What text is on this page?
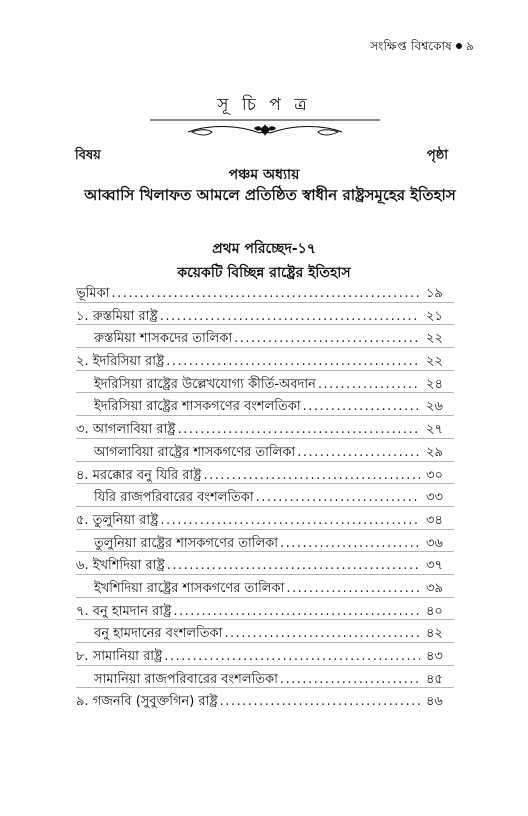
সংক্ষিপ্ত বিশ্বকোষ ৯
সূ চি প ত্র
বিষয়	পৃষ্ঠা
পঞ্চম অধ্যায়
আব্বাসি খিলাফত আমলে প্রতিষ্ঠিত স্বাধীন রাষ্ট্রসমূহের ইতিহাস
প্রথম পরিচ্ছেদ-১৭
কয়েকটি বিচ্ছিন্ন রাষ্ট্রের ইতিহাস
ভূমিকা .....	১৯
১. রুস্তমিয়া রাষ্ট্র .....	২১
রুস্তমিয়া শাসকদের তালিকা .....	২২
২. ইদরিসিয়া রাষ্ট্র .....	২২
ইদরিসিয়া রাষ্ট্রের উল্লেখযোগ্য কীর্তি-অবদান .....	২৪
ইদরিসিয়া রাষ্ট্রের শাসকগণের বংশলতিকা .....	২৬
৩. আগলাবিয়া রাষ্ট্র .....	২৭
আগলাবিয়া রাষ্ট্রের শাসকগণের তালিকা .....	২৯
৪. মরক্কোর বনু যিরি রাষ্ট্র .....	৩০
যিরি রাজপরিবারের বংশলতিকা .....	৩৩
৫. তুলুনিয়া রাষ্ট্র .....	৩৪
তুলুনিয়া রাষ্ট্রের শাসকগণের তালিকা .....	৩৬
৬. ইখশিদিয়া রাষ্ট্র .....	৩৭
ইখশিদিয়া রাষ্ট্রের শাসকগণের তালিকা .....	৩৯
৭. বনু হামদান রাষ্ট্র .....	৪০
বনু হামদানের বংশলতিকা .....	৪২
৮. সামানিয়া রাষ্ট্র .....	৪৩
সামানিয়া রাজপরিবারের বংশলতিকা .....	৪৫
৯. গজনবি (সুবুক্তগিন) রাষ্ট্র .....	৪৬
